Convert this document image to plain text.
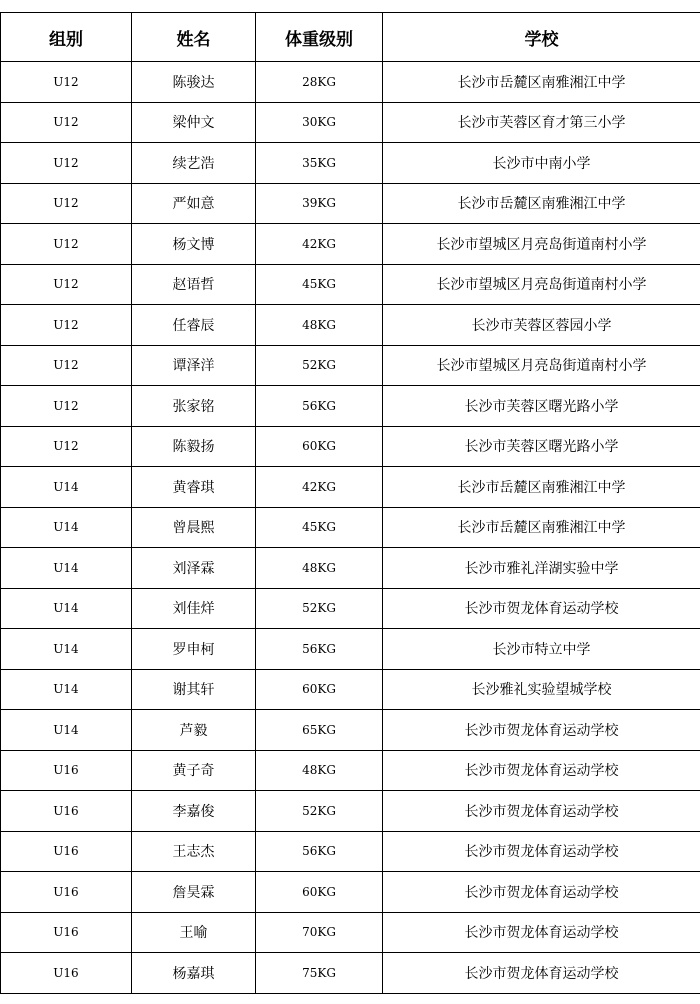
组别	姓名	体重级别	学校
U12	陈骏达	28KG	长沙市岳麓区南雅湘江中学
U12	梁仲文	30KG	长沙市芙蓉区育才第三小学
U12	续艺浩	35KG	长沙市中南小学
U12	严如意	39KG	长沙市岳麓区南雅湘江中学
U12	杨文博	42KG	长沙市望城区月亮岛街道南村小学
U12	赵语哲	45KG	长沙市望城区月亮岛街道南村小学
U12	任睿辰	48KG	长沙市芙蓉区蓉园小学
U12	谭泽洋	52KG	长沙市望城区月亮岛街道南村小学
U12	张家铭	56KG	长沙市芙蓉区曙光路小学
U12	陈毅扬	60KG	长沙市芙蓉区曙光路小学
U14	黄睿琪	42KG	长沙市岳麓区南雅湘江中学
U14	曾晨熙	45KG	长沙市岳麓区南雅湘江中学
U14	刘泽霖	48KG	长沙市雅礼洋湖实验中学
U14	刘佳烊	52KG	长沙市贺龙体育运动学校
U14	罗申柯	56KG	长沙市特立中学
U14	谢其轩	60KG	长沙雅礼实验望城学校
U14	芦毅	65KG	长沙市贺龙体育运动学校
U16	黄子奇	48KG	长沙市贺龙体育运动学校
U16	李嘉俊	52KG	长沙市贺龙体育运动学校
U16	王志杰	56KG	长沙市贺龙体育运动学校
U16	詹昊霖	60KG	长沙市贺龙体育运动学校
U16	王喻	70KG	长沙市贺龙体育运动学校
U16	杨嘉琪	75KG	长沙市贺龙体育运动学校
